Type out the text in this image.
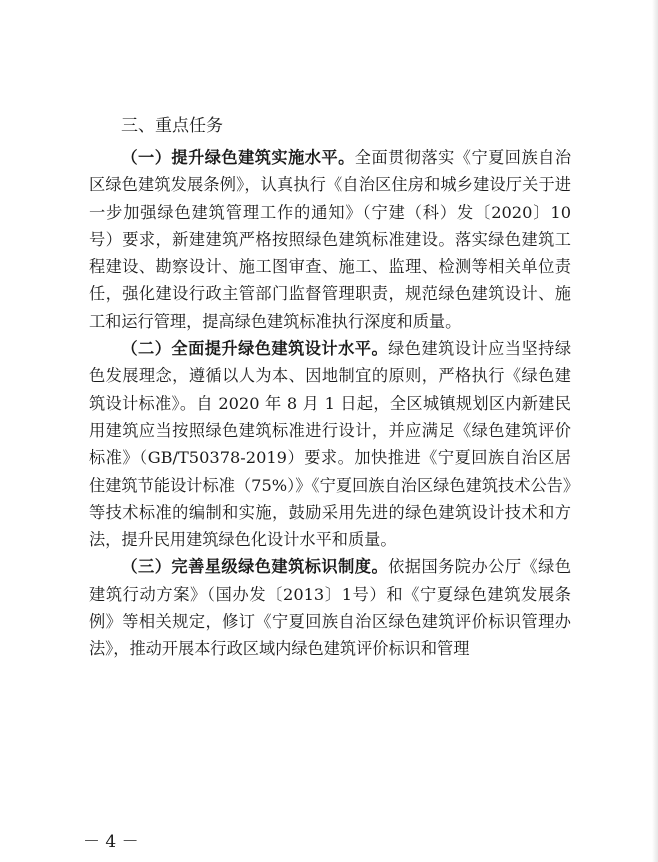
三、重点任务

（一）提升绿色建筑实施水平。全面贯彻落实《宁夏回族自治区绿色建筑发展条例》，认真执行《自治区住房和城乡建设厅关于进一步加强绿色建筑管理工作的通知》（宁建（科）发〔2020〕10号）要求，新建建筑严格按照绿色建筑标准建设。落实绿色建筑工程建设、勘察设计、施工图审查、施工、监理、检测等相关单位责任，强化建设行政主管部门监督管理职责，规范绿色建筑设计、施工和运行管理，提高绿色建筑标准执行深度和质量。

（二）全面提升绿色建筑设计水平。绿色建筑设计应当坚持绿色发展理念，遵循以人为本、因地制宜的原则，严格执行《绿色建筑设计标准》。自 2020 年 8 月 1 日起，全区城镇规划区内新建民用建筑应当按照绿色建筑标准进行设计，并应满足《绿色建筑评价标准》（GB/T50378-2019）要求。加快推进《宁夏回族自治区居住建筑节能设计标准（75%）》《宁夏回族自治区绿色建筑技术公告》等技术标准的编制和实施，鼓励采用先进的绿色建筑设计技术和方法，提升民用建筑绿色化设计水平和质量。

（三）完善星级绿色建筑标识制度。依据国务院办公厅《绿色建筑行动方案》（国办发〔2013〕1号）和《宁夏绿色建筑发展条例》等相关规定，修订《宁夏回族自治区绿色建筑评价标识管理办法》，推动开展本行政区域内绿色建筑评价标识和管理

－ 4 －
